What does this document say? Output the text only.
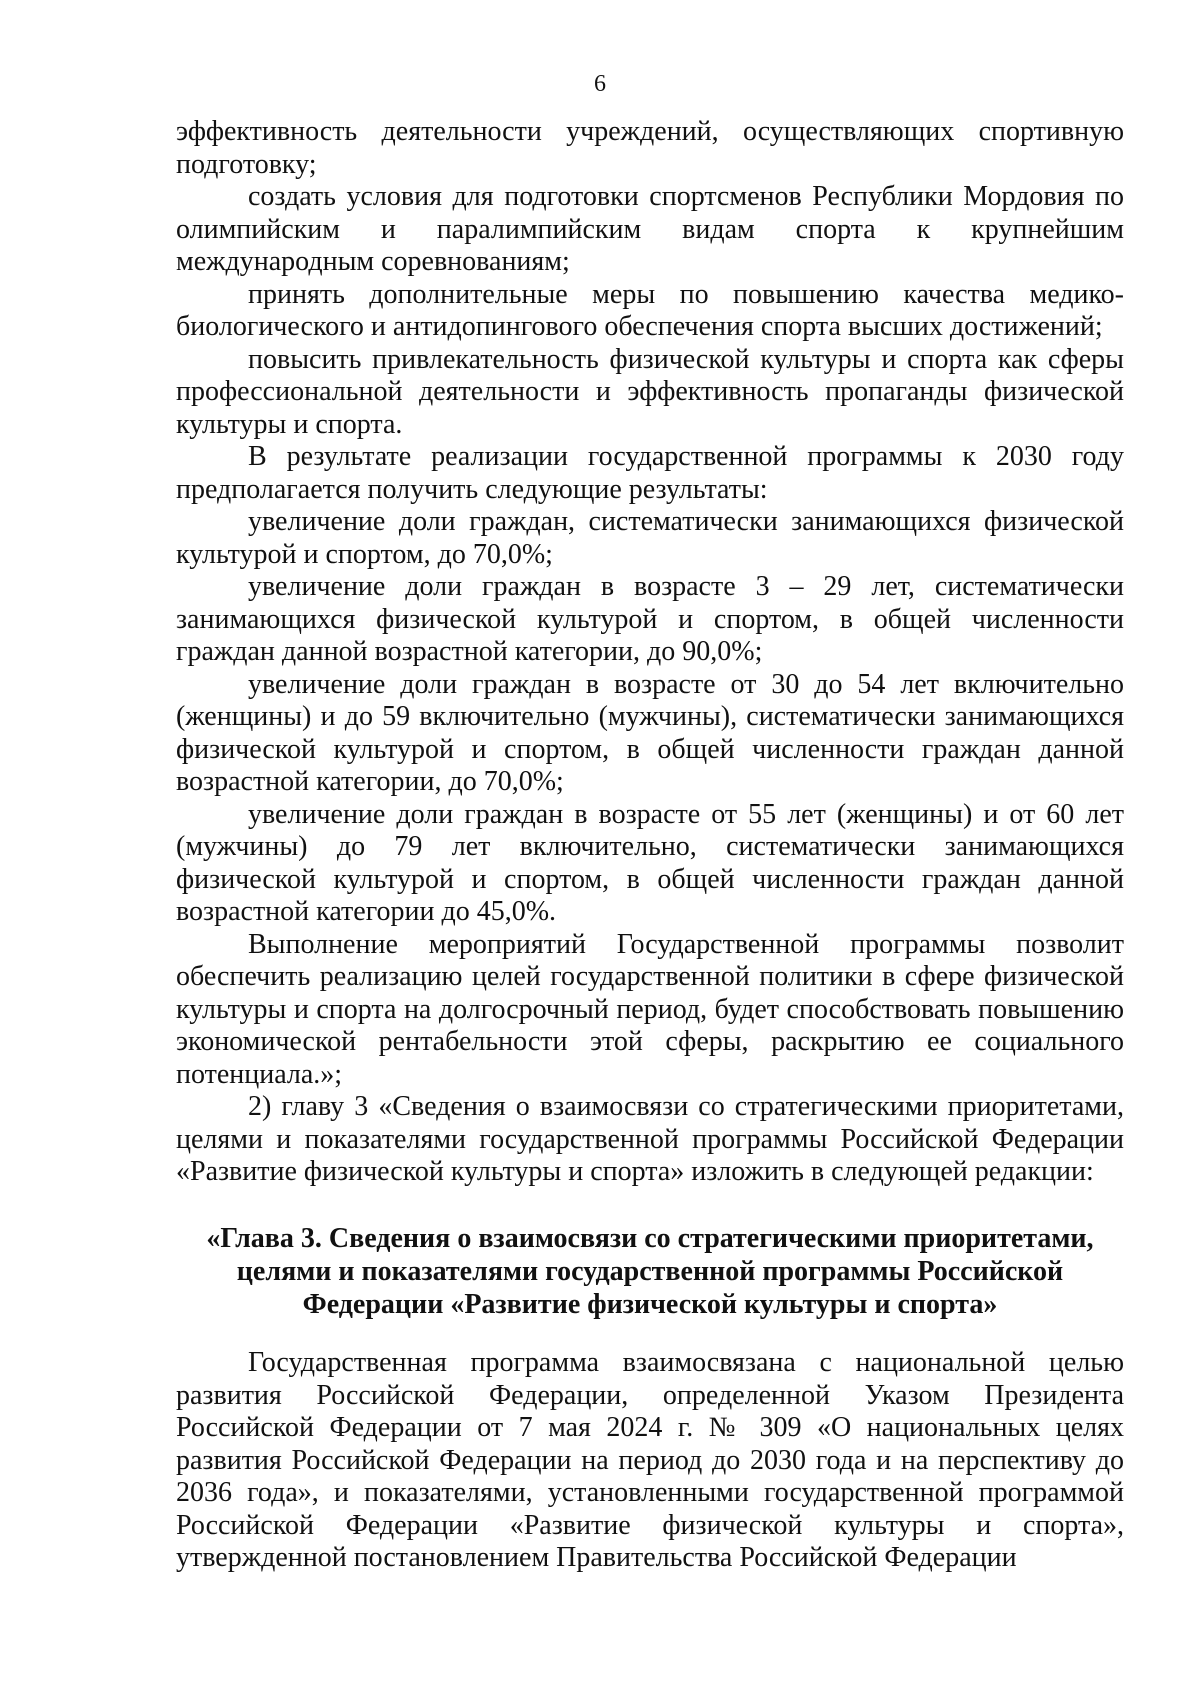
6

эффективность деятельности учреждений, осуществляющих спортивную подготовку;

создать условия для подготовки спортсменов Республики Мордовия по олимпийским и паралимпийским видам спорта к крупнейшим международным соревнованиям;

принять дополнительные меры по повышению качества медико-биологического и антидопингового обеспечения спорта высших достижений;

повысить привлекательность физической культуры и спорта как сферы профессиональной деятельности и эффективность пропаганды физической культуры и спорта.

В результате реализации государственной программы к 2030 году предполагается получить следующие результаты:

увеличение доли граждан, систематически занимающихся физической культурой и спортом, до 70,0%;

увеличение доли граждан в возрасте 3 – 29 лет, систематически занимающихся физической культурой и спортом, в общей численности граждан данной возрастной категории, до 90,0%;

увеличение доли граждан в возрасте от 30 до 54 лет включительно (женщины) и до 59 включительно (мужчины), систематически занимающихся физической культурой и спортом, в общей численности граждан данной возрастной категории, до 70,0%;

увеличение доли граждан в возрасте от 55 лет (женщины) и от 60 лет (мужчины) до 79 лет включительно, систематически занимающихся физической культурой и спортом, в общей численности граждан данной возрастной категории до 45,0%.

Выполнение мероприятий Государственной программы позволит обеспечить реализацию целей государственной политики в сфере физической культуры и спорта на долгосрочный период, будет способствовать повышению экономической рентабельности этой сферы, раскрытию ее социального потенциала.»;

2) главу 3 «Сведения о взаимосвязи со стратегическими приоритетами, целями и показателями государственной программы Российской Федерации «Развитие физической культуры и спорта» изложить в следующей редакции:

«Глава 3. Сведения о взаимосвязи со стратегическими приоритетами, целями и показателями государственной программы Российской Федерации «Развитие физической культуры и спорта»

Государственная программа взаимосвязана с национальной целью развития Российской Федерации, определенной Указом Президента Российской Федерации от 7 мая 2024 г. № 309 «О национальных целях развития Российской Федерации на период до 2030 года и на перспективу до 2036 года», и показателями, установленными государственной программой Российской Федерации «Развитие физической культуры и спорта», утвержденной постановлением Правительства Российской Федерации
